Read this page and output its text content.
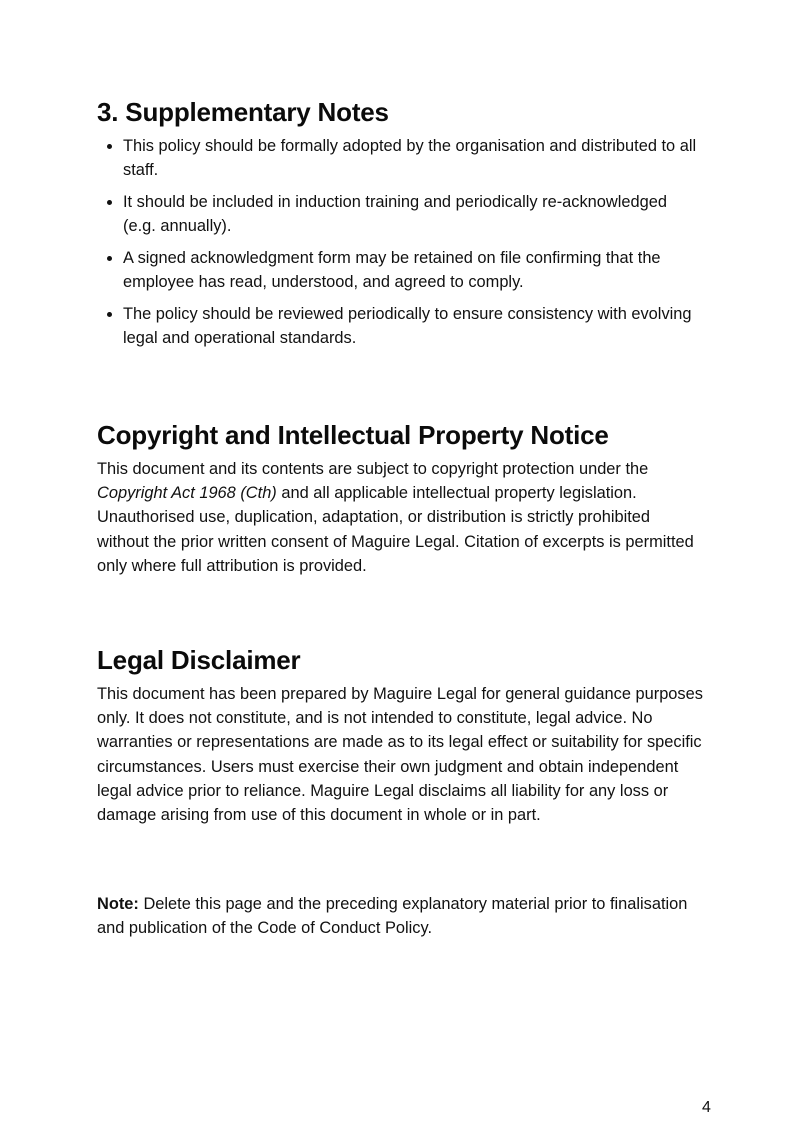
3. Supplementary Notes
• This policy should be formally adopted by the organisation and distributed to all staff.
• It should be included in induction training and periodically re-acknowledged (e.g. annually).
• A signed acknowledgment form may be retained on file confirming that the employee has read, understood, and agreed to comply.
• The policy should be reviewed periodically to ensure consistency with evolving legal and operational standards.
Copyright and Intellectual Property Notice

This document and its contents are subject to copyright protection under the Copyright Act 1968 (Cth) and all applicable intellectual property legislation. Unauthorised use, duplication, adaptation, or distribution is strictly prohibited without the prior written consent of Maguire Legal. Citation of excerpts is permitted only where full attribution is provided.

Legal Disclaimer

This document has been prepared by Maguire Legal for general guidance purposes only. It does not constitute, and is not intended to constitute, legal advice. No warranties or representations are made as to its legal effect or suitability for specific circumstances. Users must exercise their own judgment and obtain independent legal advice prior to reliance. Maguire Legal disclaims all liability for any loss or damage arising from use of this document in whole or in part.

Note: Delete this page and the preceding explanatory material prior to finalisation and publication of the Code of Conduct Policy.

4
